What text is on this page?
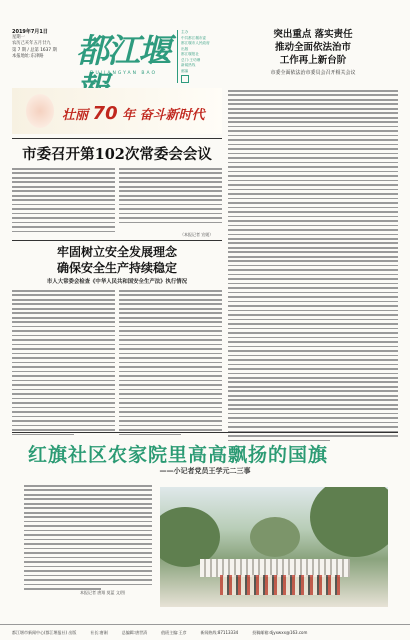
2019年7月1日
星期一
农历己亥年五月廿九
第 7 期 / 总第 1637 期
本报地址:东津路 都江堰
DUJIANGYAN BAO
主办
中共都江堰市委
都江堰市人民政府
出版
都江堰报社
总门:王幼珊
新闻热线
邮编
突出重点 落实责任
推动全面依法治市
工作再上新台阶
市委全面依法治市委员会召开相关会议
壮丽 70 年 奋斗新时代
市委召开第102次常委会会议
（本报记者 宣媛）
牢固树立安全发展理念
确保安全生产持续稳定
市人大常委会检查《中华人民共和国安全生产法》执行情况
红旗社区农家院里高高飘扬的国旗
——小记者党员王学元二三事
本报记者 唐翔 莫蓝 文/图
都江堰市新闻中心(都江堰报社) 出版	社长:唐刚	总编辑:唐世清	值班主编:王彦	新闻热线:87113334	投稿邮箱:djyxwxx@163.com
